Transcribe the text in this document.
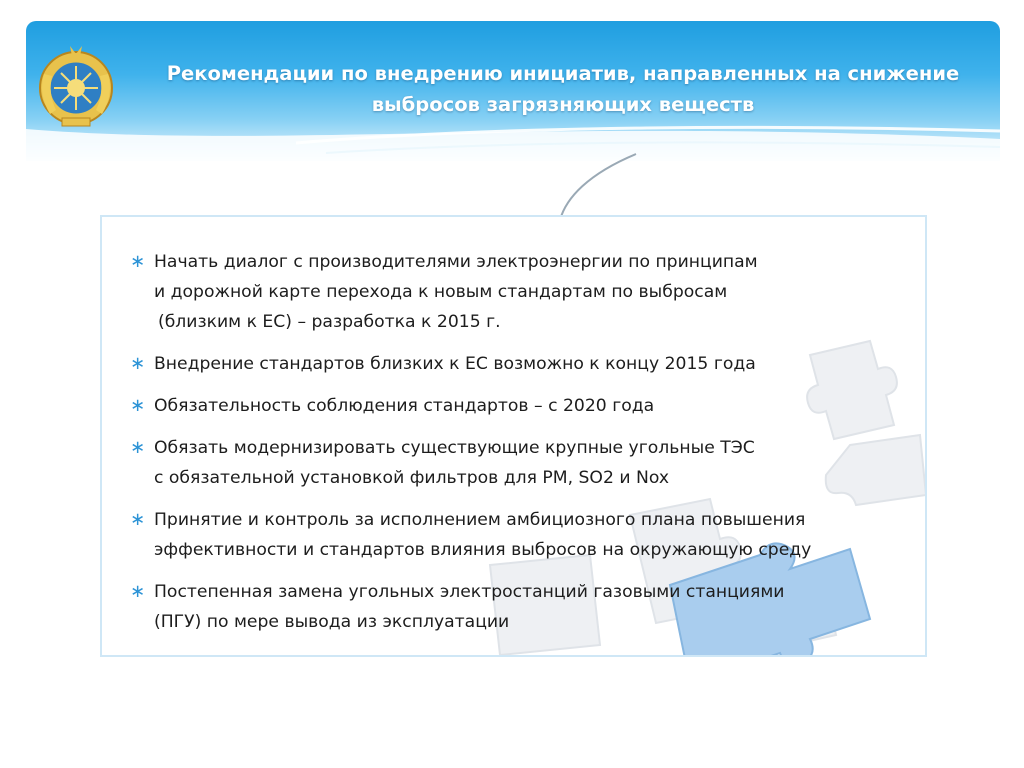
Рекомендации по внедрению инициатив, направленных на снижение
выбросов загрязняющих веществ
∗ Начать диалог с производителями электроэнергии по принципам
и дорожной карте перехода к новым стандартам по выбросам
(близким к ЕС) – разработка к 2015 г.
∗ Внедрение стандартов близких к ЕС возможно к концу 2015 года
∗ Обязательность соблюдения стандартов – с 2020 года
∗ Обязать модернизировать существующие крупные угольные ТЭС
с обязательной установкой фильтров для PM, SO2 и Nox
∗ Принятие и контроль за исполнением амбициозного плана повышения
эффективности и стандартов влияния выбросов на окружающую среду
∗ Постепенная замена угольных электростанций газовыми станциями
(ПГУ) по мере вывода из эксплуатации
